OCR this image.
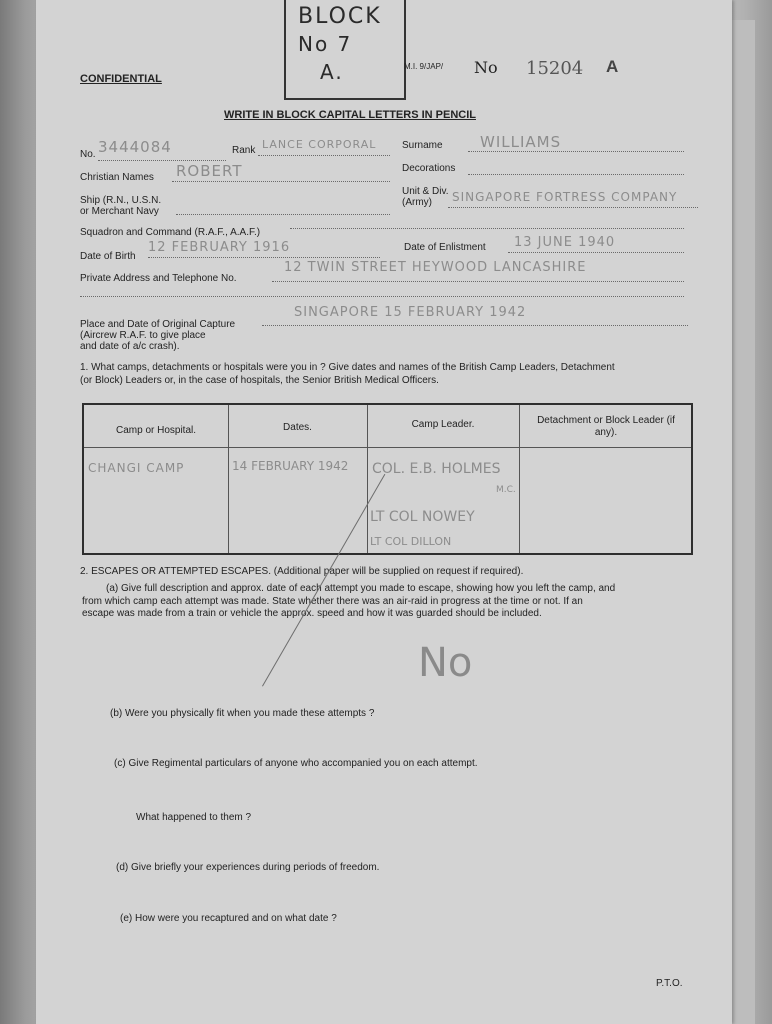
BLOCK
No 7
A.
CONFIDENTIAL
M.I. 9/JAP/ No 15204 A
WRITE IN BLOCK CAPITAL LETTERS IN PENCIL
No. 3444084	Rank LANCE CORPORAL	Surname WILLIAMS
Christian Names ROBERT	Decorations
Ship (R.N., U.S.N.
or Merchant Navy
Unit & Div.
(Army) SINGAPORE FORTRESS COMPANY
Squadron and Command (R.A.F., A.A.F.)
Date of Birth
12 FEBRUARY 1916	Date of Enlistment 13 JUNE 1940
Private Address and Telephone No.
12 TWIN STREET HEYWOOD LANCASHIRE
Place and Date of Original Capture
(Aircrew R.A.F. to give place
and date of a/c crash).
SINGAPORE 15 FEBRUARY 1942
1. What camps, detachments or hospitals were you in ? Give dates and names of the British Camp Leaders, Detachment
(or Block) Leaders or, in the case of hospitals, the Senior British Medical Officers.
Camp or Hospital.	Dates.	Camp Leader.	Detachment or Block Leader (if any).
CHANGI CAMP	14 FEBRUARY 1942 COL. E.B. HOLMES
M.C.
LT COL NOWEY
LT COL DILLON
2. ESCAPES OR ATTEMPTED ESCAPES. (Additional paper will be supplied on request if required).
(a) Give full description and approx. date of each attempt you made to escape, showing how you left the camp, and
from which camp each attempt was made. State whether there was an air-raid in progress at the time or not. If an
escape was made from a train or vehicle the approx. speed and how it was guarded should be included.
No
(b) Were you physically fit when you made these attempts ?
(c) Give Regimental particulars of anyone who accompanied you on each attempt.
What happened to them ?
(d) Give briefly your experiences during periods of freedom.
(e) How were you recaptured and on what date ?
P.T.O.
